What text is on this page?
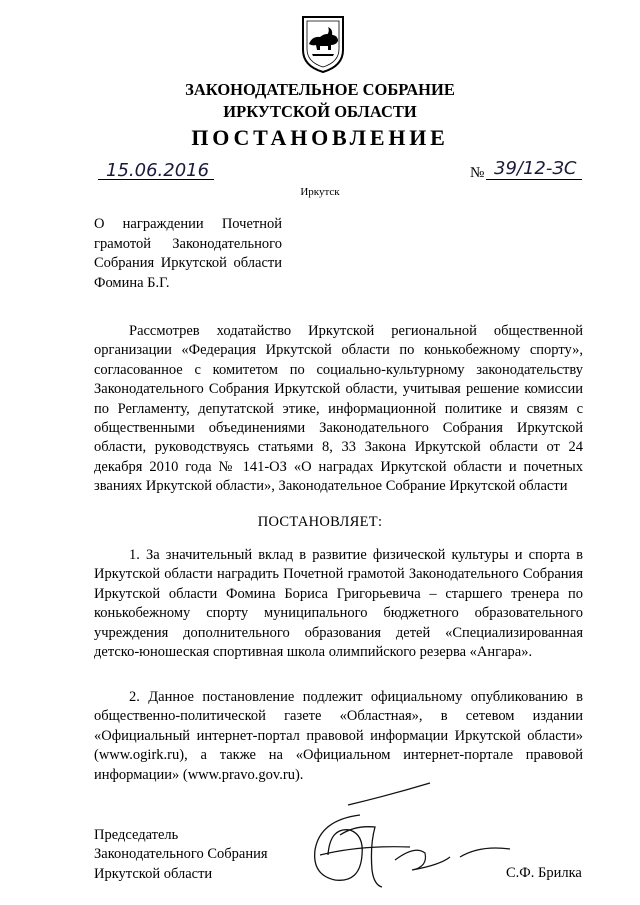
ЗАКОНОДАТЕЛЬНОЕ СОБРАНИЕ
ИРКУТСКОЙ ОБЛАСТИ
ПОСТАНОВЛЕНИЕ
15.06.2016	№ 39/12-ЗС
Иркутск
О награждении Почетной грамотой Законодательного Собрания Иркутской области Фомина Б.Г.
Рассмотрев ходатайство Иркутской региональной общественной организации «Федерация Иркутской области по конькобежному спорту», согласованное с комитетом по социально-культурному законодательству Законодательного Собрания Иркутской области, учитывая решение комиссии по Регламенту, депутатской этике, информационной политике и связям с общественными объединениями Законодательного Собрания Иркутской области, руководствуясь статьями 8, 33 Закона Иркутской области от 24 декабря 2010 года № 141-ОЗ «О наградах Иркутской области и почетных званиях Иркутской области», Законодательное Собрание Иркутской области
ПОСТАНОВЛЯЕТ:
1. За значительный вклад в развитие физической культуры и спорта в Иркутской области наградить Почетной грамотой Законодательного Собрания Иркутской области Фомина Бориса Григорьевича – старшего тренера по конькобежному спорту муниципального бюджетного образовательного учреждения дополнительного образования детей «Специализированная детско-юношеская спортивная школа олимпийского резерва «Ангара».
2. Данное постановление подлежит официальному опубликованию в общественно-политической газете «Областная», в сетевом издании «Официальный интернет-портал правовой информации Иркутской области» (www.ogirk.ru), а также на «Официальном интернет-портале правовой информации» (www.pravo.gov.ru).
Председатель
Законодательного Собрания
Иркутской области	С.Ф. Брилка
